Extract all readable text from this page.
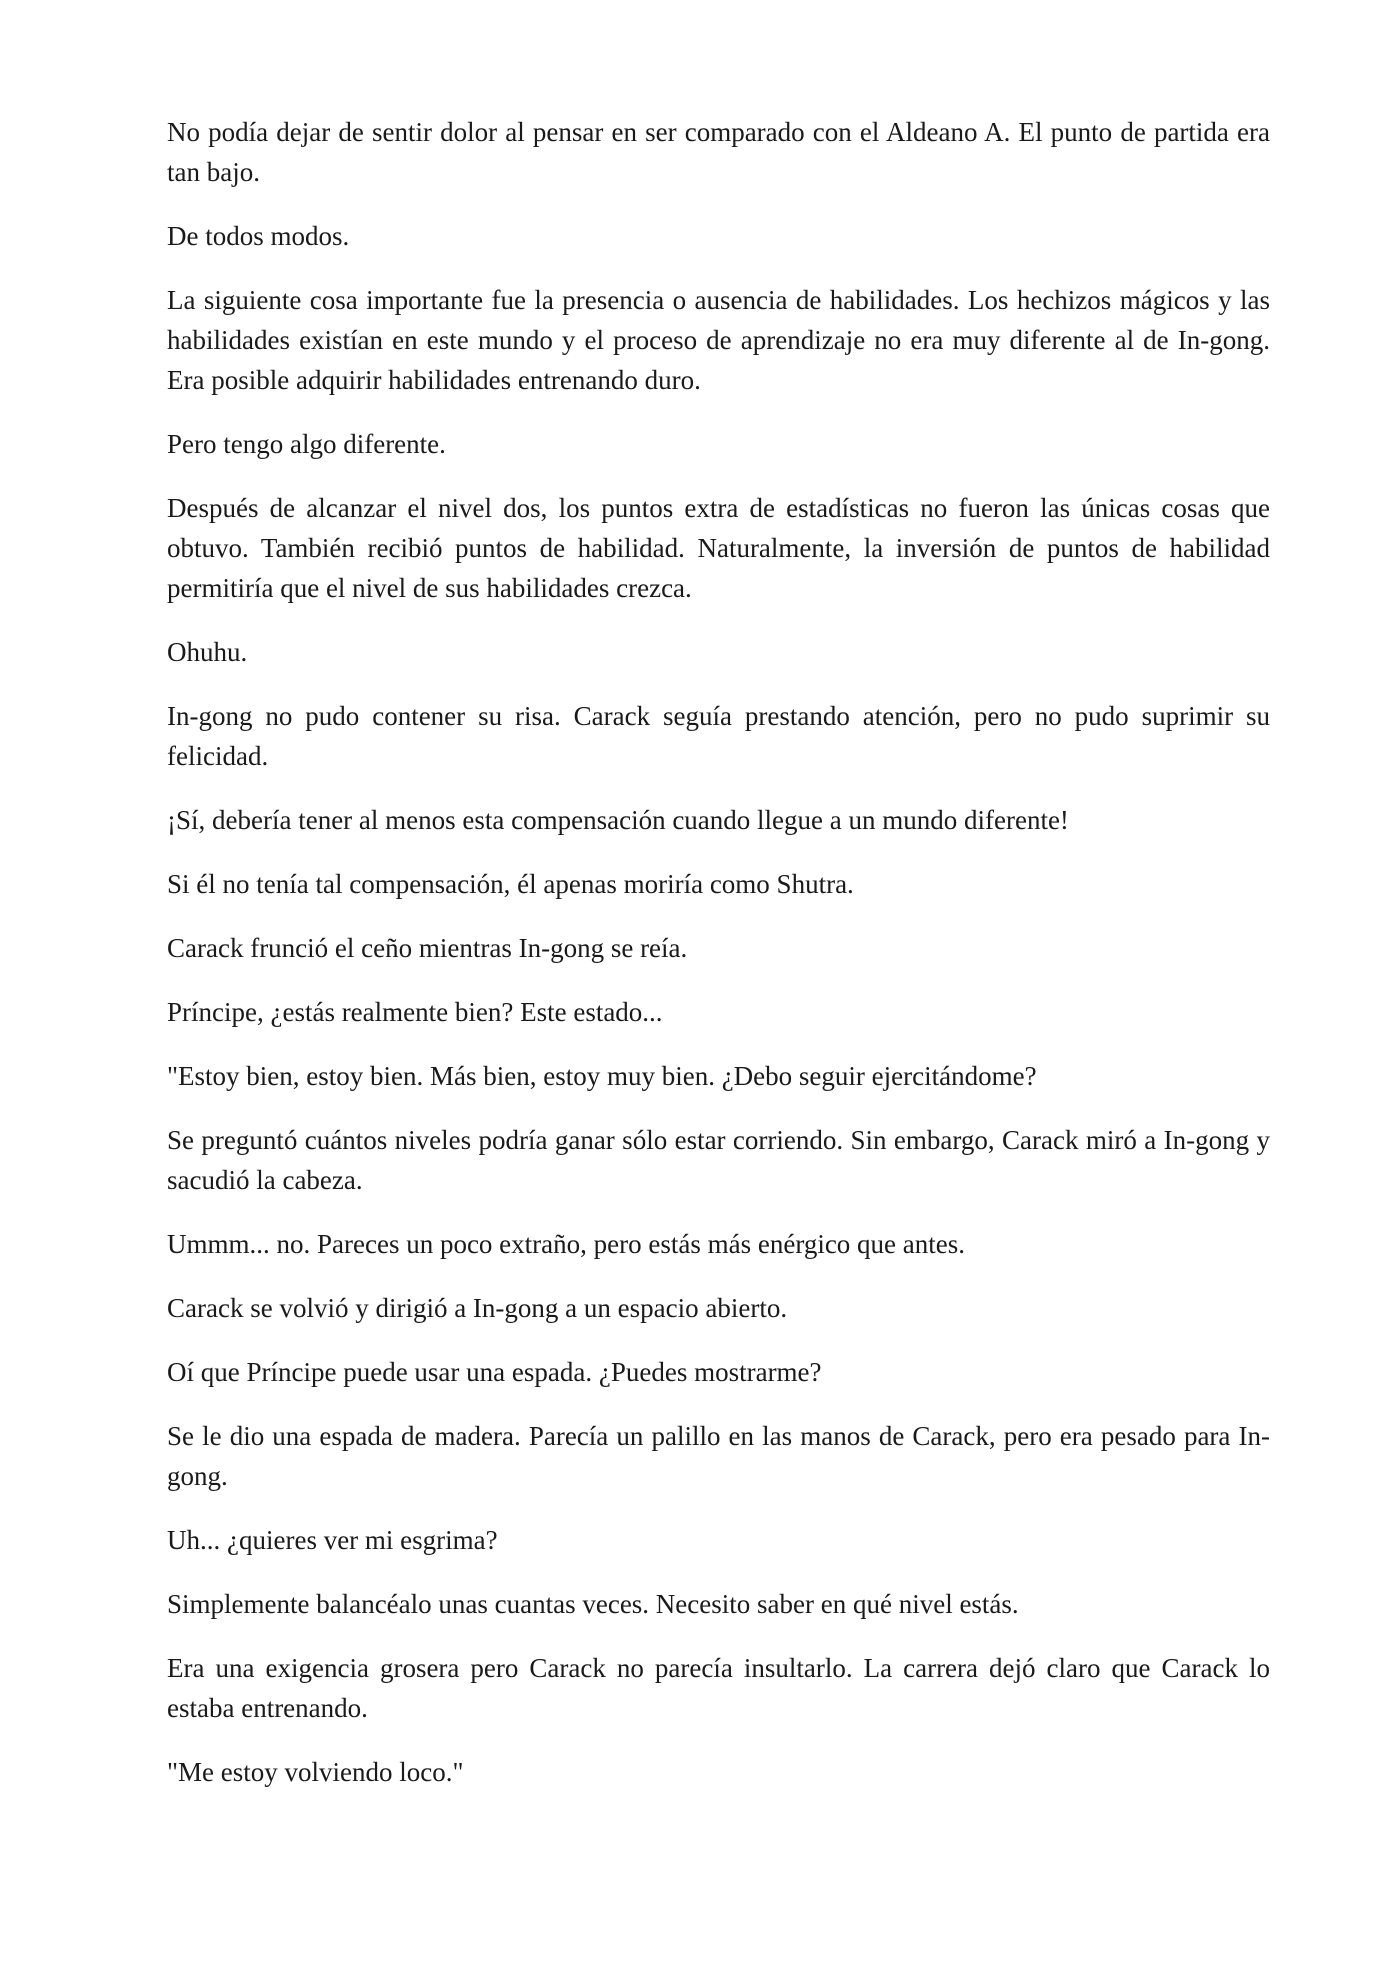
No podía dejar de sentir dolor al pensar en ser comparado con el Aldeano A. El punto de partida era tan bajo.

De todos modos.

La siguiente cosa importante fue la presencia o ausencia de habilidades. Los hechizos mágicos y las habilidades existían en este mundo y el proceso de aprendizaje no era muy diferente al de In-gong. Era posible adquirir habilidades entrenando duro.

Pero tengo algo diferente.

Después de alcanzar el nivel dos, los puntos extra de estadísticas no fueron las únicas cosas que obtuvo. También recibió puntos de habilidad. Naturalmente, la inversión de puntos de habilidad permitiría que el nivel de sus habilidades crezca.

Ohuhu.

In-gong no pudo contener su risa. Carack seguía prestando atención, pero no pudo suprimir su felicidad.

¡Sí, debería tener al menos esta compensación cuando llegue a un mundo diferente!

Si él no tenía tal compensación, él apenas moriría como Shutra.

Carack frunció el ceño mientras In-gong se reía.

Príncipe, ¿estás realmente bien? Este estado...

"Estoy bien, estoy bien. Más bien, estoy muy bien. ¿Debo seguir ejercitándome?

Se preguntó cuántos niveles podría ganar sólo estar corriendo. Sin embargo, Carack miró a In-gong y sacudió la cabeza.

Ummm... no. Pareces un poco extraño, pero estás más enérgico que antes.

Carack se volvió y dirigió a In-gong a un espacio abierto.

Oí que Príncipe puede usar una espada. ¿Puedes mostrarme?

Se le dio una espada de madera. Parecía un palillo en las manos de Carack, pero era pesado para In-gong.

Uh... ¿quieres ver mi esgrima?

Simplemente balancéalo unas cuantas veces. Necesito saber en qué nivel estás.

Era una exigencia grosera pero Carack no parecía insultarlo. La carrera dejó claro que Carack lo estaba entrenando.

"Me estoy volviendo loco."
